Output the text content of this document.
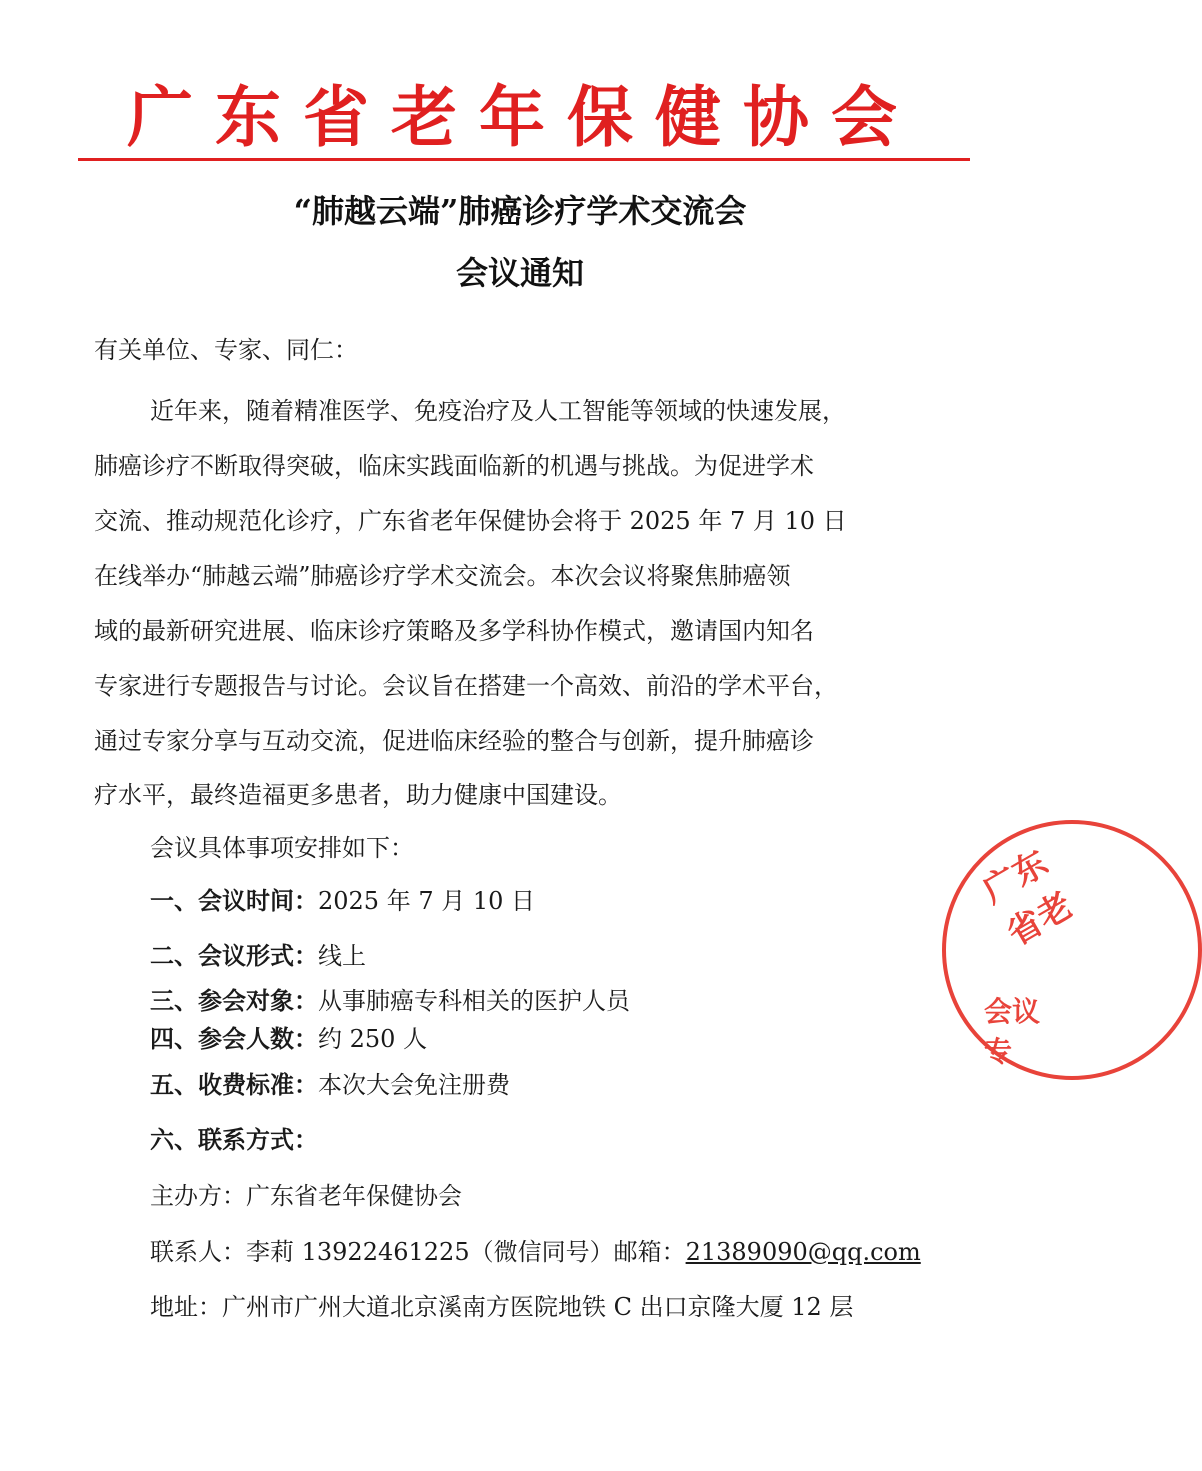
广东省老年保健协会
“肺越云端”肺癌诊疗学术交流会
会议通知
有关单位、专家、同仁：
近年来，随着精准医学、免疫治疗及人工智能等领域的快速发展，
肺癌诊疗不断取得突破，临床实践面临新的机遇与挑战。为促进学术
交流、推动规范化诊疗，广东省老年保健协会将于 2025 年 7 月 10 日
在线举办“肺越云端”肺癌诊疗学术交流会。本次会议将聚焦肺癌领
域的最新研究进展、临床诊疗策略及多学科协作模式，邀请国内知名
专家进行专题报告与讨论。会议旨在搭建一个高效、前沿的学术平台，
通过专家分享与互动交流，促进临床经验的整合与创新，提升肺癌诊
疗水平，最终造福更多患者，助力健康中国建设。
会议具体事项安排如下：
一、会议时间：2025 年 7 月 10 日
二、会议形式：线上
三、参会对象：从事肺癌专科相关的医护人员
四、参会人数：约 250 人
五、收费标准：本次大会免注册费
六、联系方式：
主办方：广东省老年保健协会
联系人：李莉 13922461225（微信同号）邮箱：21389090@qq.com
地址：广州市广州大道北京溪南方医院地铁 C 出口京隆大厦 12 层
广东省老
会议专
